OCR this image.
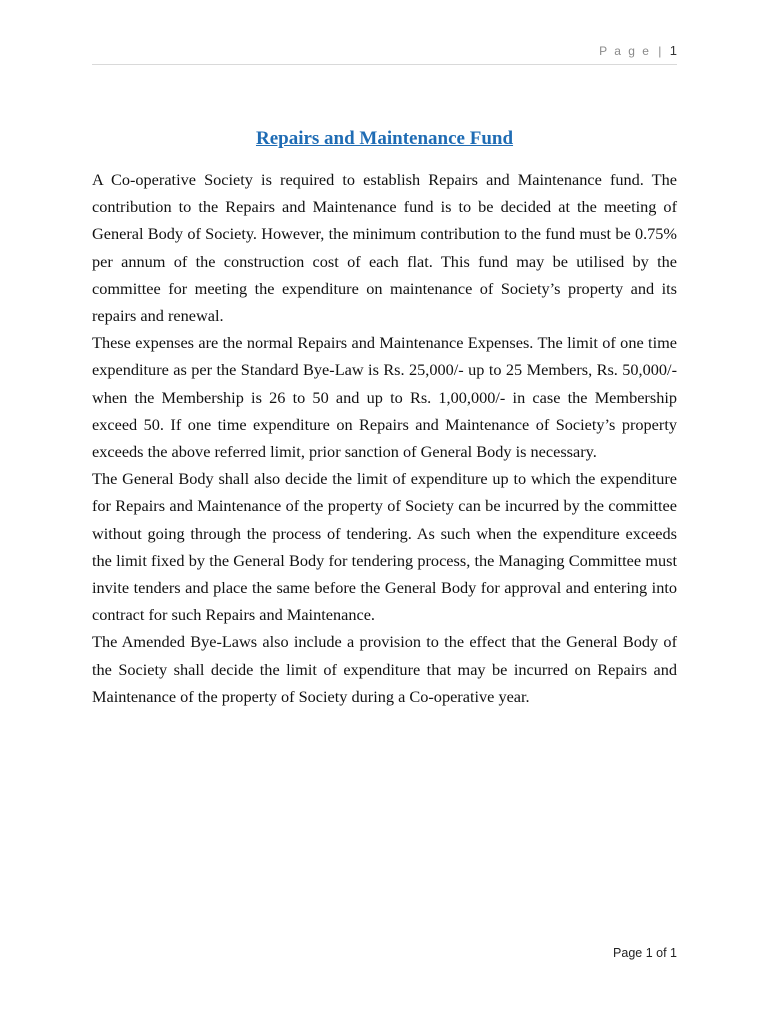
P a g e | 1
Repairs and Maintenance Fund

A Co-operative Society is required to establish Repairs and Maintenance fund. The contribution to the Repairs and Maintenance fund is to be decided at the meeting of General Body of Society. However, the minimum contribution to the fund must be 0.75% per annum of the construction cost of each flat. This fund may be utilised by the committee for meeting the expenditure on maintenance of Society’s property and its repairs and renewal.

These expenses are the normal Repairs and Maintenance Expenses. The limit of one time expenditure as per the Standard Bye-Law is Rs. 25,000/- up to 25 Members, Rs. 50,000/- when the Membership is 26 to 50 and up to Rs. 1,00,000/- in case the Membership exceed 50. If one time expenditure on Repairs and Maintenance of Society’s property exceeds the above referred limit, prior sanction of General Body is necessary.

The General Body shall also decide the limit of expenditure up to which the expenditure for Repairs and Maintenance of the property of Society can be incurred by the committee without going through the process of tendering. As such when the expenditure exceeds the limit fixed by the General Body for tendering process, the Managing Committee must invite tenders and place the same before the General Body for approval and entering into contract for such Repairs and Maintenance.

The Amended Bye-Laws also include a provision to the effect that the General Body of the Society shall decide the limit of expenditure that may be incurred on Repairs and Maintenance of the property of Society during a Co-operative year.

Page 1 of 1
